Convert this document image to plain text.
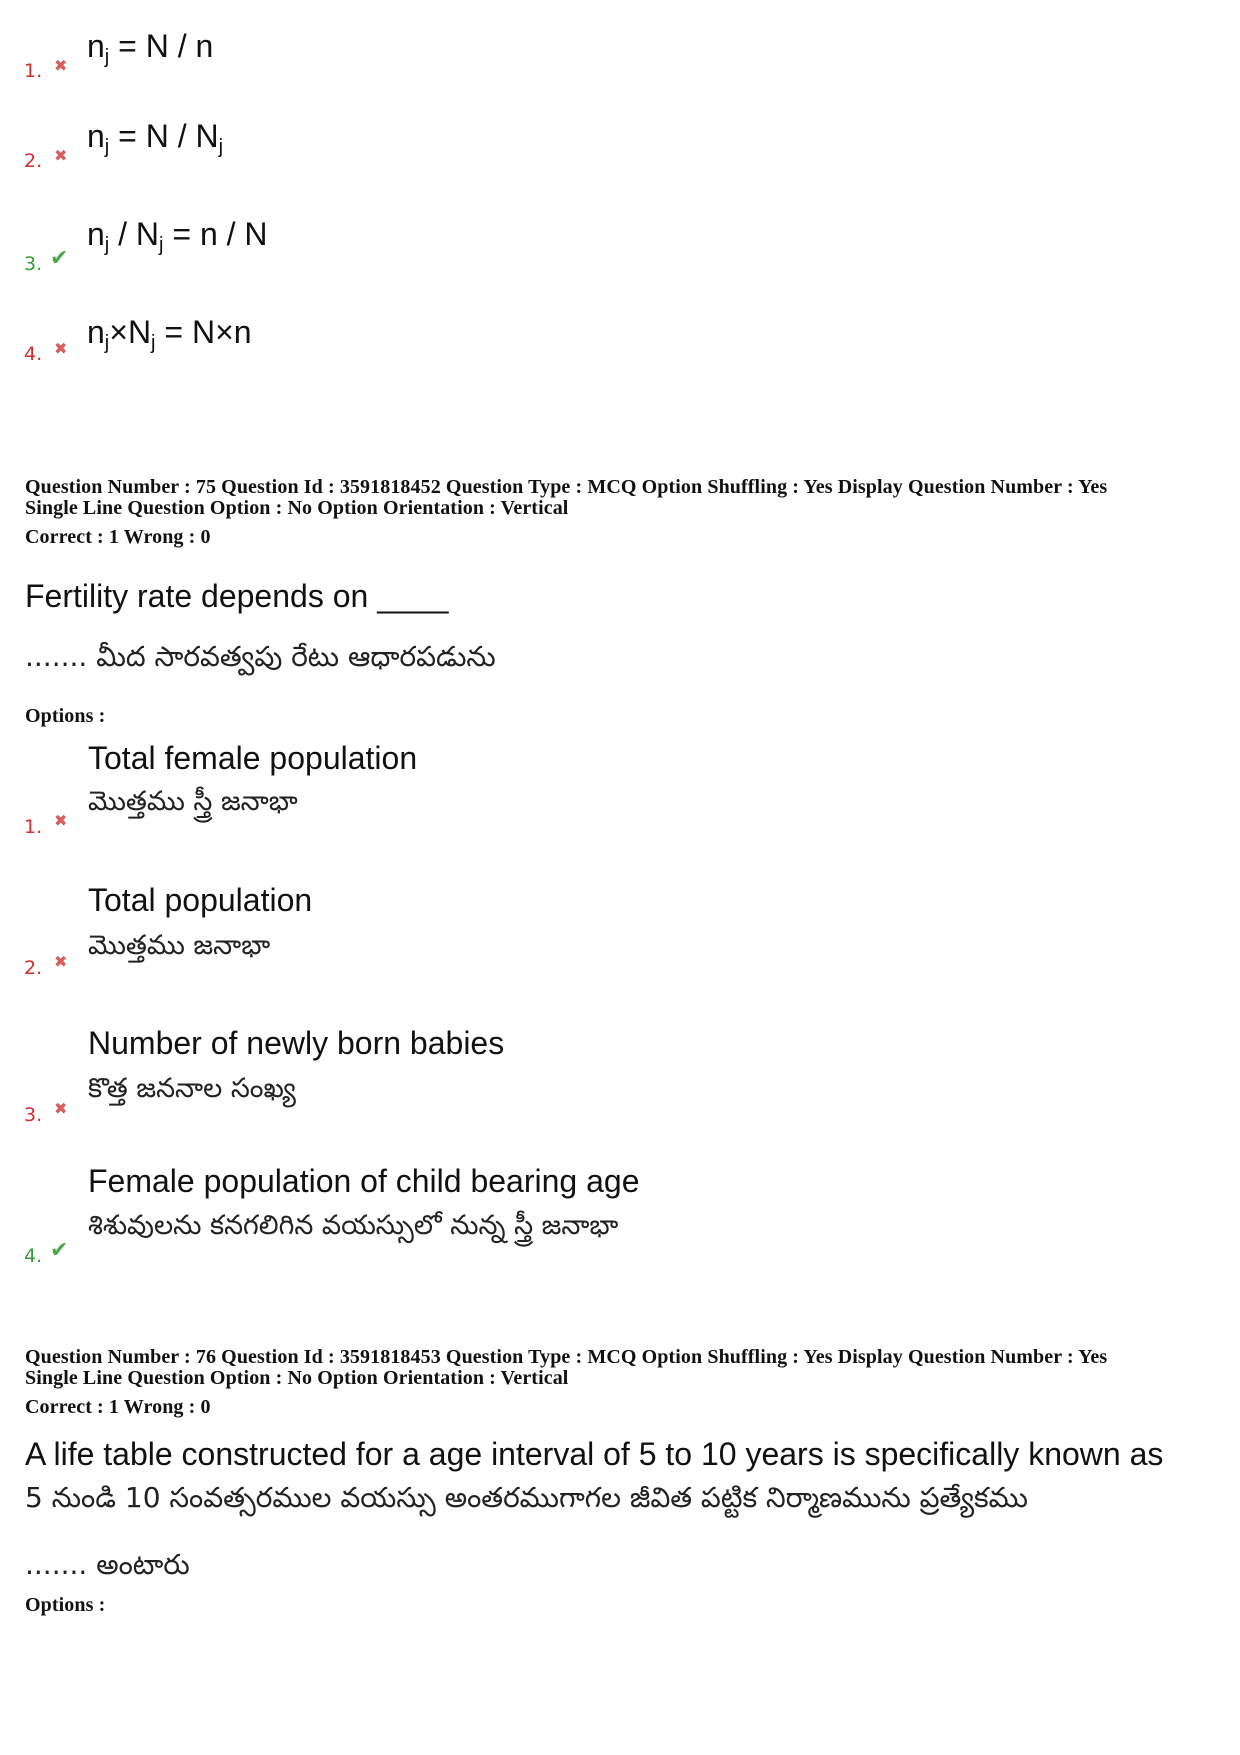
1. ✖
$n_j = N / n$
2. ✖
$n_j = N / N_j$
3. ✔
$n_j / N_j = n / N$
4. ✖ $n_j\times N_j = N\times n$
Question Number : 75 Question Id : 3591818452 Question Type : MCQ Option Shuffling : Yes Display Question Number : Yes
Single Line Question Option : No Option Orientation : Vertical
Correct : 1 Wrong : 0
Fertility rate depends on ____
....... మీద సారవత్వపు రేటు ఆధారపడును
Options :
Total female population
మొత్తము స్త్రీ జనాభా
1. ✖
Total population
మొత్తము జనాభా
2. ✖
Number of newly born babies
కొత్త జననాల సంఖ్య
3. ✖
Female population of child bearing age
శిశువులను కనగలిగిన వయస్సులో నున్న స్త్రీ జనాభా
4. ✔
Question Number : 76 Question Id : 3591818453 Question Type : MCQ Option Shuffling : Yes Display Question Number : Yes
Single Line Question Option : No Option Orientation : Vertical
Correct : 1 Wrong : 0
A life table constructed for a age interval of 5 to 10 years is specifically known as
5 నుండి 10 సంవత్సరముల వయస్సు అంతరముగాగల జీవిత పట్టిక నిర్మాణమును ప్రత్యేకము
....... అంటారు
Options :
